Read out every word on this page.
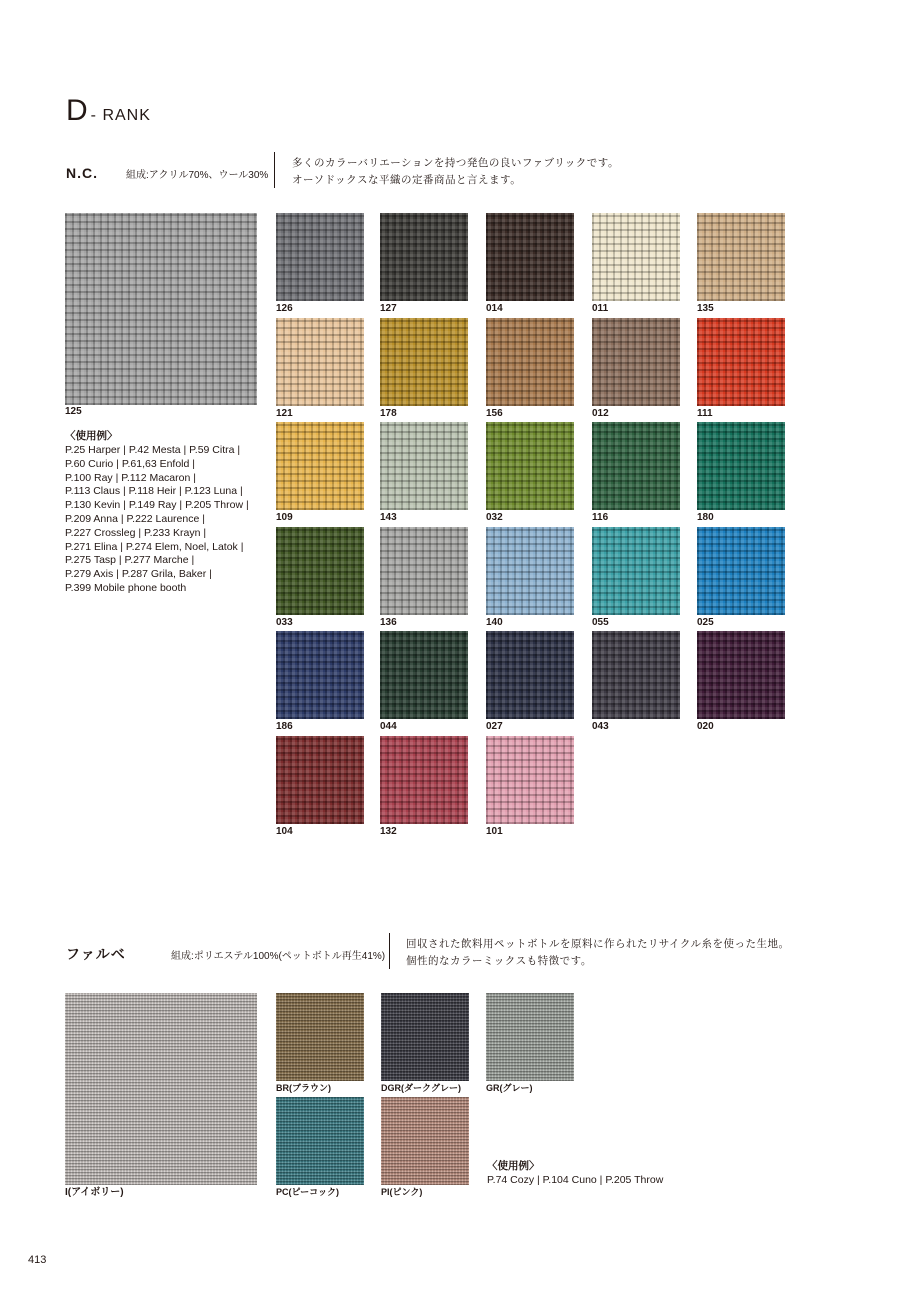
D - RANK
N.C.	組成:アクリル70%、ウール30%
多くのカラーバリエーションを持つ発色の良いファブリックです。
オーソドックスな平織の定番商品と言えます。
125
〈使用例〉
P.25 Harper | P.42 Mesta | P.59 Citra |
P.60 Curio | P.61,63 Enfold |
P.100 Ray | P.112 Macaron |
P.113 Claus | P.118 Heir | P.123 Luna |
P.130 Kevin | P.149 Ray | P.205 Throw |
P.209 Anna | P.222 Laurence |
P.227 Crossleg | P.233 Krayn |
P.271 Elina | P.274 Elem, Noel, Latok |
P.275 Tasp | P.277 Marche |
P.279 Axis | P.287 Grila, Baker |
P.399 Mobile phone booth
126	127	014	011	135
121	178	156	012	111
109	143	032	116	180
033	136	140	055	025
186	044	027	043	020
104	132	101
ファルベ	組成:ポリエステル100%(ペットボトル再生41%)
回収された飲料用ペットボトルを原料に作られたリサイクル糸を使った生地。
個性的なカラーミックスも特徴です。
I(アイボリー)
BR(ブラウン)	DGR(ダークグレー)	GR(グレー)
PC(ピーコック)	PI(ピンク)
〈使用例〉
P.74 Cozy | P.104 Cuno | P.205 Throw
413
